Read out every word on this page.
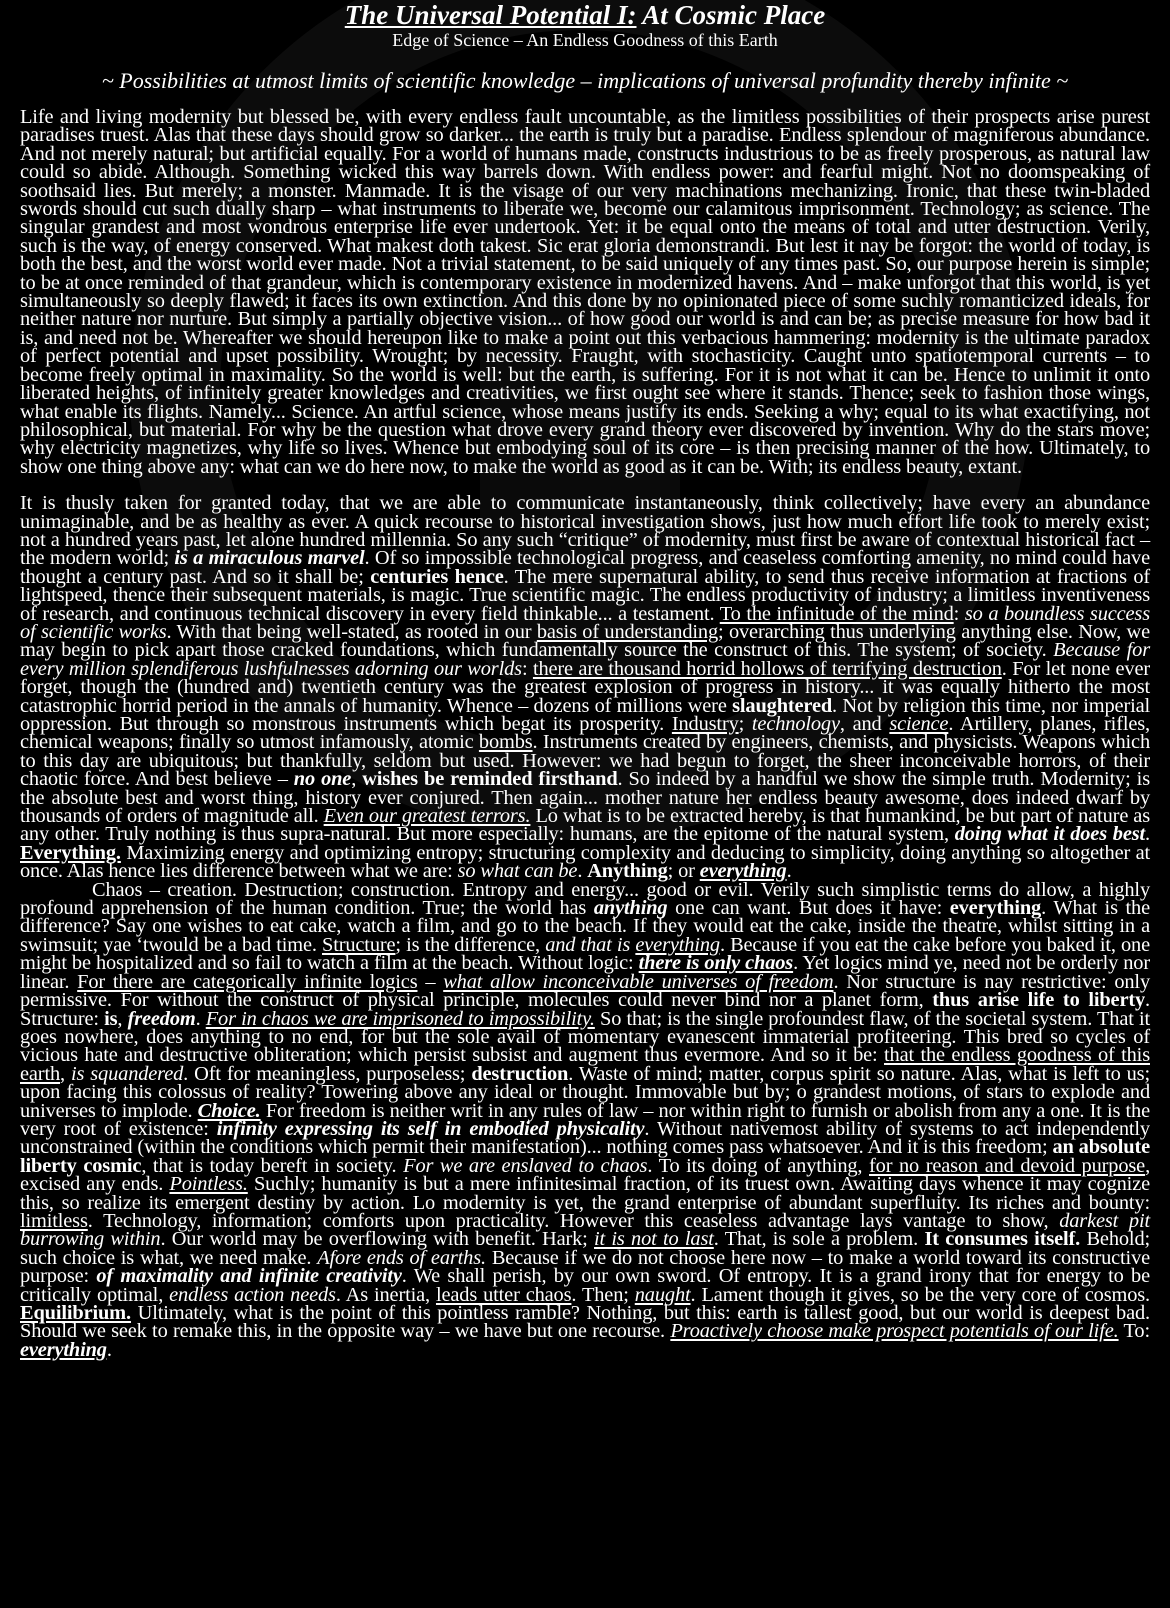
The Universal Potential I: At Cosmic Place
Edge of Science – An Endless Goodness of this Earth
~ Possibilities at utmost limits of scientific knowledge – implications of universal profundity thereby infinite ~

Life and living modernity but blessed be, with every endless fault uncountable, as the limitless possibilities of their prospects arise purest paradises truest. Alas that these days should grow so darker... the earth is truly but a paradise. Endless splendour of magniferous abundance. And not merely natural; but artificial equally. For a world of humans made, constructs industrious to be as freely prosperous, as natural law could so abide. Although. Something wicked this way barrels down. With endless power: and fearful might. Not no doomspeaking of soothsaid lies. But merely; a monster. Manmade. It is the visage of our very machinations mechanizing. Ironic, that these twin-bladed swords should cut such dually sharp – what instruments to liberate we, become our calamitous imprisonment. Technology; as science. The singular grandest and most wondrous enterprise life ever undertook. Yet: it be equal onto the means of total and utter destruction. Verily, such is the way, of energy conserved. What makest doth takest. Sic erat gloria demonstrandi. But lest it nay be forgot: the world of today, is both the best, and the worst world ever made. Not a trivial statement, to be said uniquely of any times past. So, our purpose herein is simple; to be at once reminded of that grandeur, which is contemporary existence in modernized havens. And – make unforgot that this world, is yet simultaneously so deeply flawed; it faces its own extinction. And this done by no opinionated piece of some suchly romanticized ideals, for neither nature nor nurture. But simply a partially objective vision... of how good our world is and can be; as precise measure for how bad it is, and need not be. Whereafter we should hereupon like to make a point out this verbacious hammering: modernity is the ultimate paradox of perfect potential and upset possibility. Wrought; by necessity. Fraught, with stochasticity. Caught unto spatiotemporal currents – to become freely optimal in maximality. So the world is well: but the earth, is suffering. For it is not what it can be. Hence to unlimit it onto liberated heights, of infinitely greater knowledges and creativities, we first ought see where it stands. Thence; seek to fashion those wings, what enable its flights. Namely... Science. An artful science, whose means justify its ends. Seeking a why; equal to its what exactifying, not philosophical, but material. For why be the question what drove every grand theory ever discovered by invention. Why do the stars move; why electricity magnetizes, why life so lives. Whence but embodying soul of its core – is then precising manner of the how. Ultimately, to show one thing above any: what can we do here now, to make the world as good as it can be. With; its endless beauty, extant.

It is thusly taken for granted today, that we are able to communicate instantaneously, think collectively; have every an abundance unimaginable, and be as healthy as ever. A quick recourse to historical investigation shows, just how much effort life took to merely exist; not a hundred years past, let alone hundred millennia. So any such “critique” of modernity, must first be aware of contextual historical fact – the modern world; is a miraculous marvel. Of so impossible technological progress, and ceaseless comforting amenity, no mind could have thought a century past. And so it shall be; centuries hence. The mere supernatural ability, to send thus receive information at fractions of lightspeed, thence their subsequent materials, is magic. True scientific magic. The endless productivity of industry; a limitless inventiveness of research, and continuous technical discovery in every field thinkable... a testament. To the infinitude of the mind: so a boundless success of scientific works. With that being well-stated, as rooted in our basis of understanding; overarching thus underlying anything else. Now, we may begin to pick apart those cracked foundations, which fundamentally source the construct of this. The system; of society. Because for every million splendiferous lushfulnesses adorning our worlds: there are thousand horrid hollows of terrifying destruction. For let none ever forget, though the (hundred and) twentieth century was the greatest explosion of progress in history... it was equally hitherto the most catastrophic horrid period in the annals of humanity. Whence – dozens of millions were slaughtered. Not by religion this time, nor imperial oppression. But through so monstrous instruments which begat its prosperity. Industry; technology, and science. Artillery, planes, rifles, chemical weapons; finally so utmost infamously, atomic bombs. Instruments created by engineers, chemists, and physicists. Weapons which to this day are ubiquitous; but thankfully, seldom but used. However: we had begun to forget, the sheer inconceivable horrors, of their chaotic force. And best believe – no one, wishes be reminded firsthand. So indeed by a handful we show the simple truth. Modernity; is the absolute best and worst thing, history ever conjured. Then again... mother nature her endless beauty awesome, does indeed dwarf by thousands of orders of magnitude all. Even our greatest terrors. Lo what is to be extracted hereby, is that humankind, be but part of nature as any other. Truly nothing is thus supra-natural. But more especially: humans, are the epitome of the natural system, doing what it does best. Everything. Maximizing energy and optimizing entropy; structuring complexity and deducing to simplicity, doing anything so altogether at once. Alas hence lies difference between what we are: so what can be. Anything; or everything.

Chaos – creation. Destruction; construction. Entropy and energy... good or evil. Verily such simplistic terms do allow, a highly profound apprehension of the human condition. True; the world has anything one can want. But does it have: everything. What is the difference? Say one wishes to eat cake, watch a film, and go to the beach. If they would eat the cake, inside the theatre, whilst sitting in a swimsuit; yae ‘twould be a bad time. Structure; is the difference, and that is everything. Because if you eat the cake before you baked it, one might be hospitalized and so fail to watch a film at the beach. Without logic: there is only chaos. Yet logics mind ye, need not be orderly nor linear. For there are categorically infinite logics – what allow inconceivable universes of freedom. Nor structure is nay restrictive: only permissive. For without the construct of physical principle, molecules could never bind nor a planet form, thus arise life to liberty. Structure: is, freedom. For in chaos we are imprisoned to impossibility. So that; is the single profoundest flaw, of the societal system. That it goes nowhere, does anything to no end, for but the sole avail of momentary evanescent immaterial profiteering. This bred so cycles of vicious hate and destructive obliteration; which persist subsist and augment thus evermore. And so it be: that the endless goodness of this earth, is squandered. Oft for meaningless, purposeless; destruction. Waste of mind; matter, corpus spirit so nature. Alas, what is left to us; upon facing this colossus of reality? Towering above any ideal or thought. Immovable but by; o grandest motions, of stars to explode and universes to implode. Choice. For freedom is neither writ in any rules of law – nor within right to furnish or abolish from any a one. It is the very root of existence: infinity expressing its self in embodied physicality. Without nativemost ability of systems to act independently unconstrained (within the conditions which permit their manifestation)... nothing comes pass whatsoever. And it is this freedom; an absolute liberty cosmic, that is today bereft in society. For we are enslaved to chaos. To its doing of anything, for no reason and devoid purpose, excised any ends. Pointless. Suchly; humanity is but a mere infinitesimal fraction, of its truest own. Awaiting days whence it may cognize this, so realize its emergent destiny by action. Lo modernity is yet, the grand enterprise of abundant superfluity. Its riches and bounty: limitless. Technology, information; comforts upon practicality. However this ceaseless advantage lays vantage to show, darkest pit burrowing within. Our world may be overflowing with benefit. Hark; it is not to last. That, is sole a problem. It consumes itself. Behold; such choice is what, we need make. Afore ends of earths. Because if we do not choose here now – to make a world toward its constructive purpose: of maximality and infinite creativity. We shall perish, by our own sword. Of entropy. It is a grand irony that for energy to be critically optimal, endless action needs. As inertia, leads utter chaos. Then; naught. Lament though it gives, so be the very core of cosmos. Equilibrium. Ultimately, what is the point of this pointless ramble? Nothing, but this: earth is tallest good, but our world is deepest bad. Should we seek to remake this, in the opposite way – we have but one recourse. Proactively choose make prospect potentials of our life. To: everything.
